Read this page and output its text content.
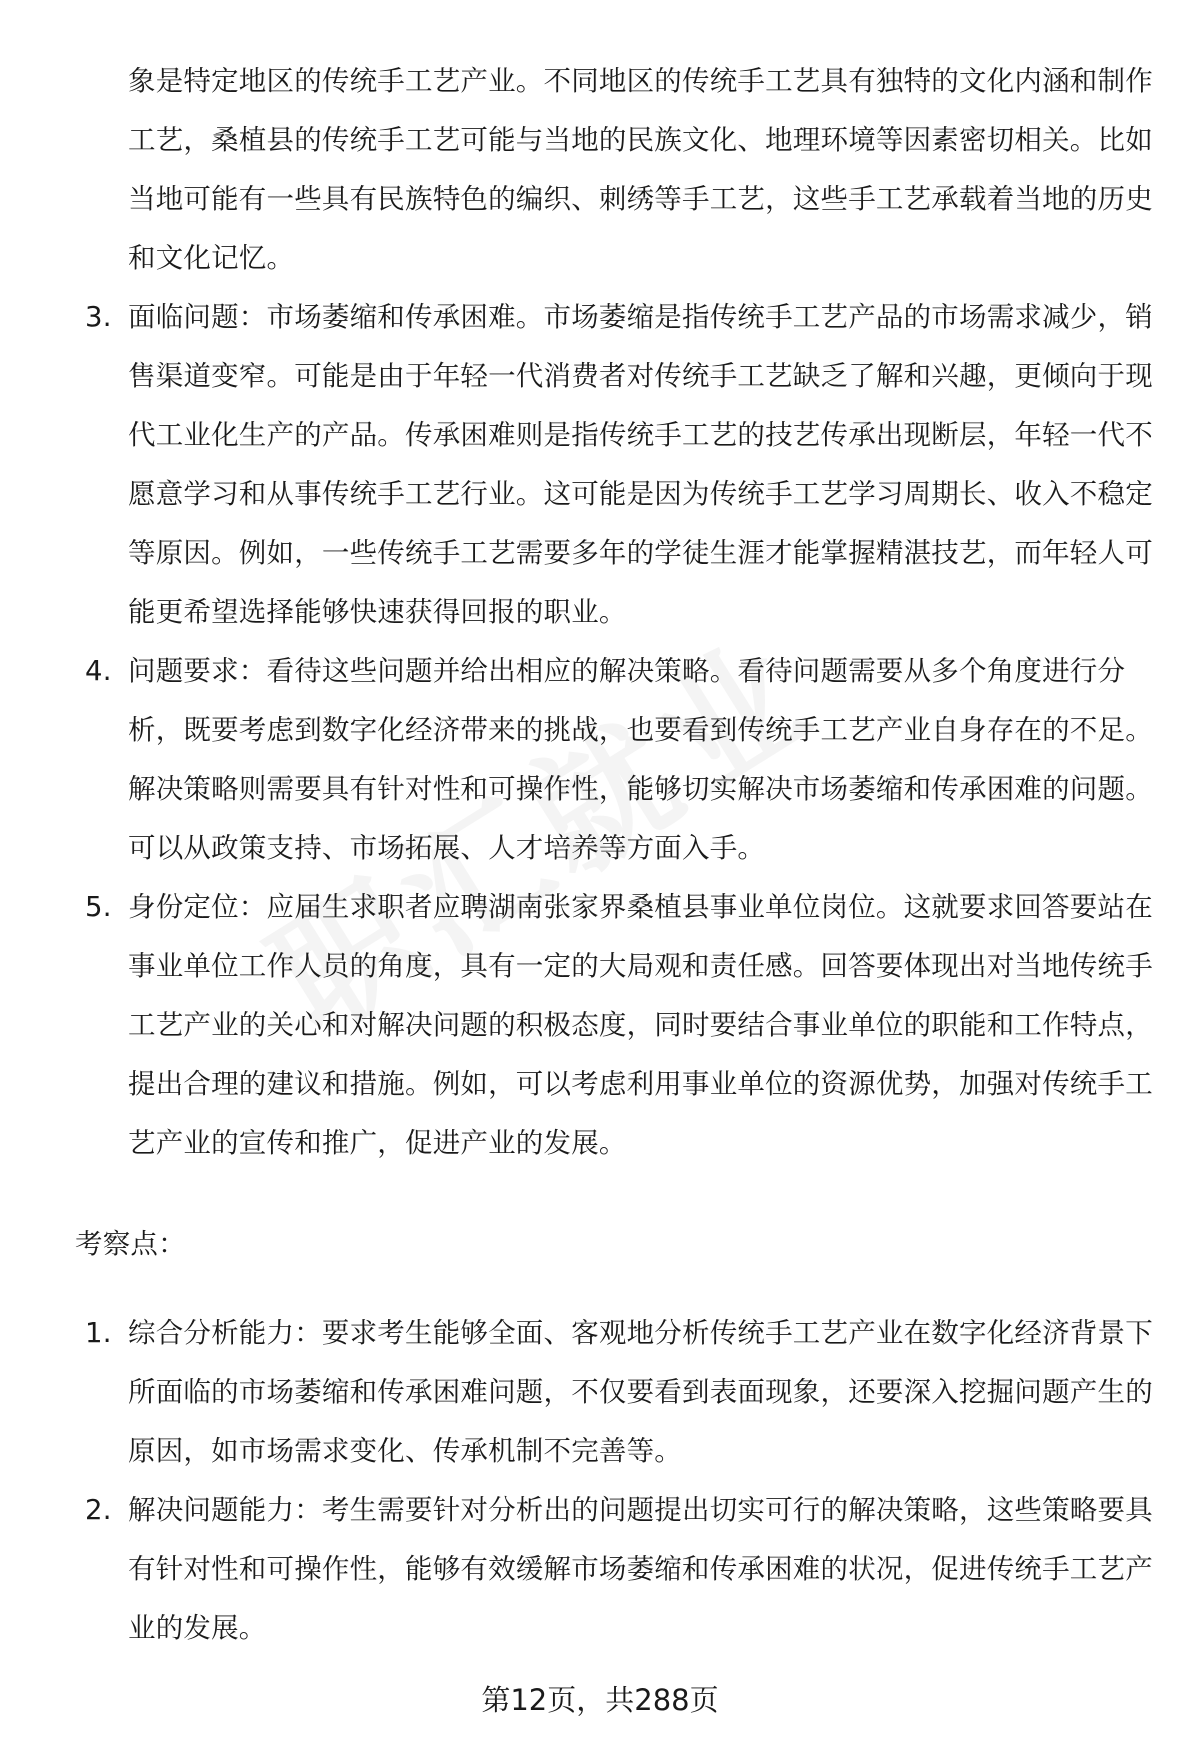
象是特定地区的传统手工艺产业。不同地区的传统手工艺具有独特的文化内涵和制作工艺，桑植县的传统手工艺可能与当地的民族文化、地理环境等因素密切相关。比如当地可能有一些具有民族特色的编织、刺绣等手工艺，这些手工艺承载着当地的历史和文化记忆。

3. 面临问题：市场萎缩和传承困难。市场萎缩是指传统手工艺产品的市场需求减少，销售渠道变窄。可能是由于年轻一代消费者对传统手工艺缺乏了解和兴趣，更倾向于现代工业化生产的产品。传承困难则是指传统手工艺的技艺传承出现断层，年轻一代不愿意学习和从事传统手工艺行业。这可能是因为传统手工艺学习周期长、收入不稳定等原因。例如，一些传统手工艺需要多年的学徒生涯才能掌握精湛技艺，而年轻人可能更希望选择能够快速获得回报的职业。
4. 问题要求：看待这些问题并给出相应的解决策略。看待问题需要从多个角度进行分析，既要考虑到数字化经济带来的挑战，也要看到传统手工艺产业自身存在的不足。解决策略则需要具有针对性和可操作性，能够切实解决市场萎缩和传承困难的问题。可以从政策支持、市场拓展、人才培养等方面入手。
5. 身份定位：应届生求职者应聘湖南张家界桑植县事业单位岗位。这就要求回答要站在事业单位工作人员的角度，具有一定的大局观和责任感。回答要体现出对当地传统手工艺产业的关心和对解决问题的积极态度，同时要结合事业单位的职能和工作特点，提出合理的建议和措施。例如，可以考虑利用事业单位的资源优势，加强对传统手工艺产业的宣传和推广，促进产业的发展。
考察点：
1. 综合分析能力：要求考生能够全面、客观地分析传统手工艺产业在数字化经济背景下所面临的市场萎缩和传承困难问题，不仅要看到表面现象，还要深入挖掘问题产生的原因，如市场需求变化、传承机制不完善等。
2. 解决问题能力：考生需要针对分析出的问题提出切实可行的解决策略，这些策略要具有针对性和可操作性，能够有效缓解市场萎缩和传承困难的状况，促进传统手工艺产业的发展。
第12页，共288页
